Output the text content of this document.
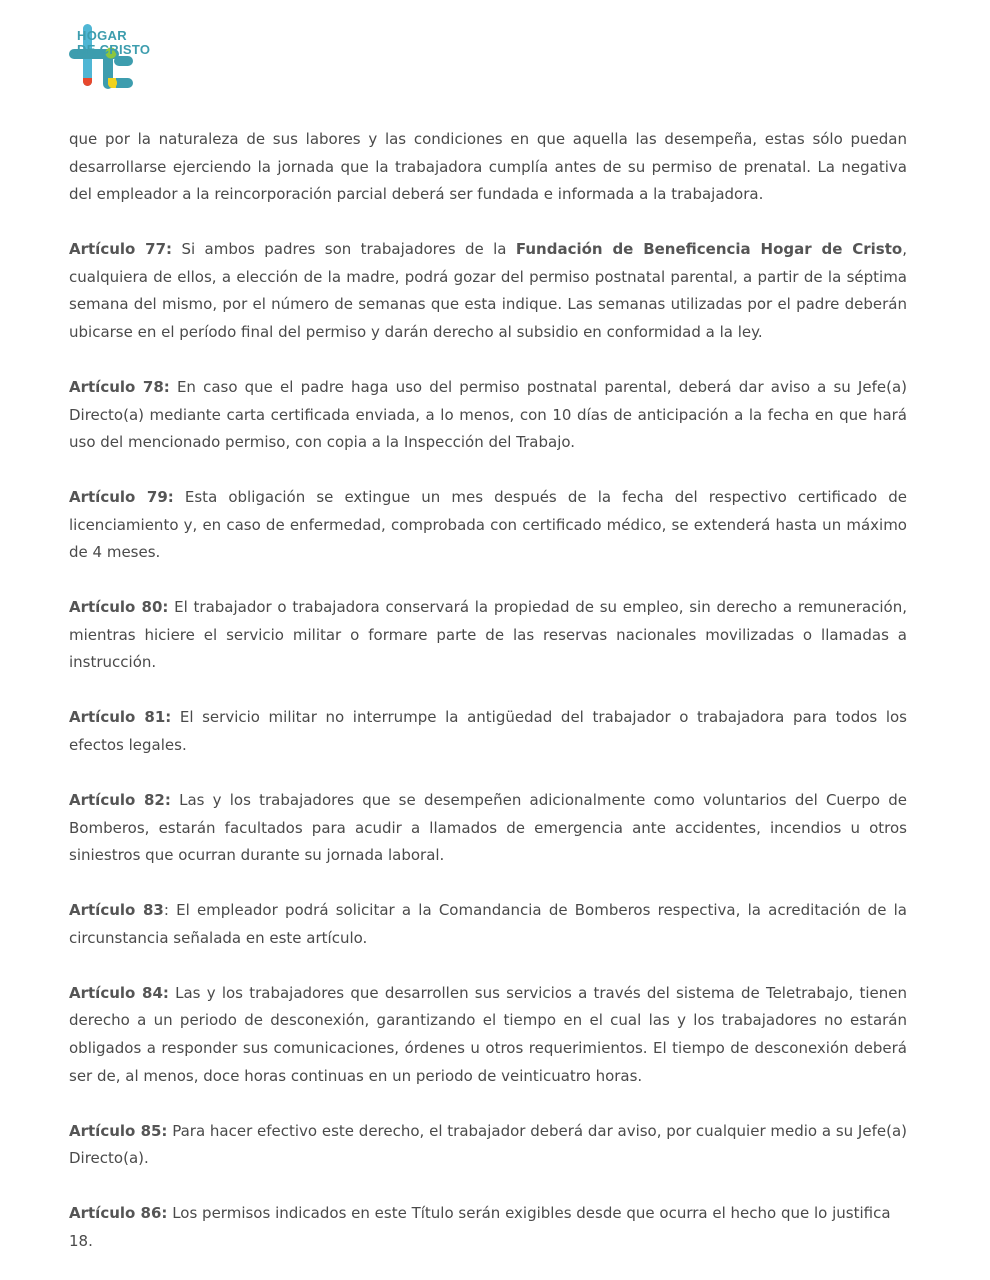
HOGAR
DE CRISTO

que por la naturaleza de sus labores y las condiciones en que aquella las desempeña, estas sólo puedan desarrollarse ejerciendo la jornada que la trabajadora cumplía antes de su permiso de prenatal. La negativa del empleador a la reincorporación parcial deberá ser fundada e informada a la trabajadora.

Artículo 77: Si ambos padres son trabajadores de la Fundación de Beneficencia Hogar de Cristo, cualquiera de ellos, a elección de la madre, podrá gozar del permiso postnatal parental, a partir de la séptima semana del mismo, por el número de semanas que esta indique. Las semanas utilizadas por el padre deberán ubicarse en el período final del permiso y darán derecho al subsidio en conformidad a la ley.

Artículo 78: En caso que el padre haga uso del permiso postnatal parental, deberá dar aviso a su Jefe(a) Directo(a) mediante carta certificada enviada, a lo menos, con 10 días de anticipación a la fecha en que hará uso del mencionado permiso, con copia a la Inspección del Trabajo.

Artículo 79: Esta obligación se extingue un mes después de la fecha del respectivo certificado de licenciamiento y, en caso de enfermedad, comprobada con certificado médico, se extenderá hasta un máximo de 4 meses.

Artículo 80: El trabajador o trabajadora conservará la propiedad de su empleo, sin derecho a remuneración, mientras hiciere el servicio militar o formare parte de las reservas nacionales movilizadas o llamadas a instrucción.

Artículo 81: El servicio militar no interrumpe la antigüedad del trabajador o trabajadora para todos los efectos legales.

Artículo 82: Las y los trabajadores que se desempeñen adicionalmente como voluntarios del Cuerpo de Bomberos, estarán facultados para acudir a llamados de emergencia ante accidentes, incendios u otros siniestros que ocurran durante su jornada laboral.

Artículo 83: El empleador podrá solicitar a la Comandancia de Bomberos respectiva, la acreditación de la circunstancia señalada en este artículo.

Artículo 84: Las y los trabajadores que desarrollen sus servicios a través del sistema de Teletrabajo, tienen derecho a un periodo de desconexión, garantizando el tiempo en el cual las y los trabajadores no estarán obligados a responder sus comunicaciones, órdenes u otros requerimientos. El tiempo de desconexión deberá ser de, al menos, doce horas continuas en un periodo de veinticuatro horas.

Artículo 85: Para hacer efectivo este derecho, el trabajador deberá dar aviso, por cualquier medio a su Jefe(a) Directo(a).

Artículo 86: Los permisos indicados en este Título serán exigibles desde que ocurra el hecho que lo justifica

18.
